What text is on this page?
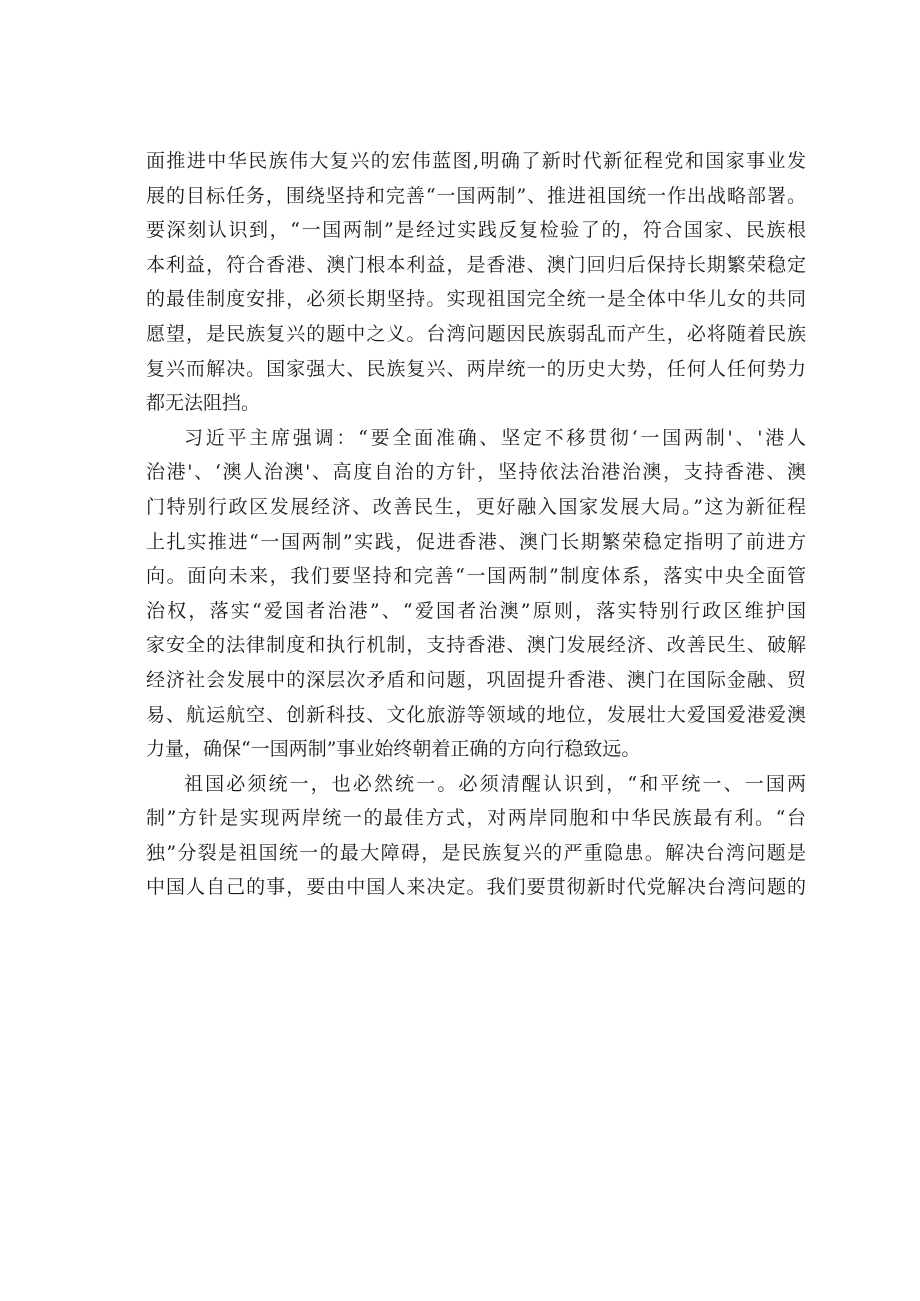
面推进中华民族伟大复兴的宏伟蓝图,明确了新时代新征程党和国家事业发
展的目标任务，围绕坚持和完善“一国两制”、推进祖国统一作出战略部署。
要深刻认识到，“一国两制”是经过实践反复检验了的，符合国家、民族根
本利益，符合香港、澳门根本利益，是香港、澳门回归后保持长期繁荣稳定
的最佳制度安排，必须长期坚持。实现祖国完全统一是全体中华儿女的共同
愿望，是民族复兴的题中之义。台湾问题因民族弱乱而产生，必将随着民族
复兴而解决。国家强大、民族复兴、两岸统一的历史大势，任何人任何势力
都无法阻挡。
习近平主席强调：“要全面准确、坚定不移贯彻‘一国两制'、'港人
治港'、‘澳人治澳'、高度自治的方针，坚持依法治港治澳，支持香港、澳
门特别行政区发展经济、改善民生，更好融入国家发展大局。”这为新征程
上扎实推进“一国两制”实践，促进香港、澳门长期繁荣稳定指明了前进方
向。面向未来，我们要坚持和完善“一国两制”制度体系，落实中央全面管
治权，落实“爱国者治港”、“爱国者治澳”原则，落实特别行政区维护国
家安全的法律制度和执行机制，支持香港、澳门发展经济、改善民生、破解
经济社会发展中的深层次矛盾和问题，巩固提升香港、澳门在国际金融、贸
易、航运航空、创新科技、文化旅游等领域的地位，发展壮大爱国爱港爱澳
力量，确保“一国两制”事业始终朝着正确的方向行稳致远。
祖国必须统一，也必然统一。必须清醒认识到，“和平统一、一国两
制”方针是实现两岸统一的最佳方式，对两岸同胞和中华民族最有利。“台
独”分裂是祖国统一的最大障碍，是民族复兴的严重隐患。解决台湾问题是
中国人自己的事，要由中国人来决定。我们要贯彻新时代党解决台湾问题的
